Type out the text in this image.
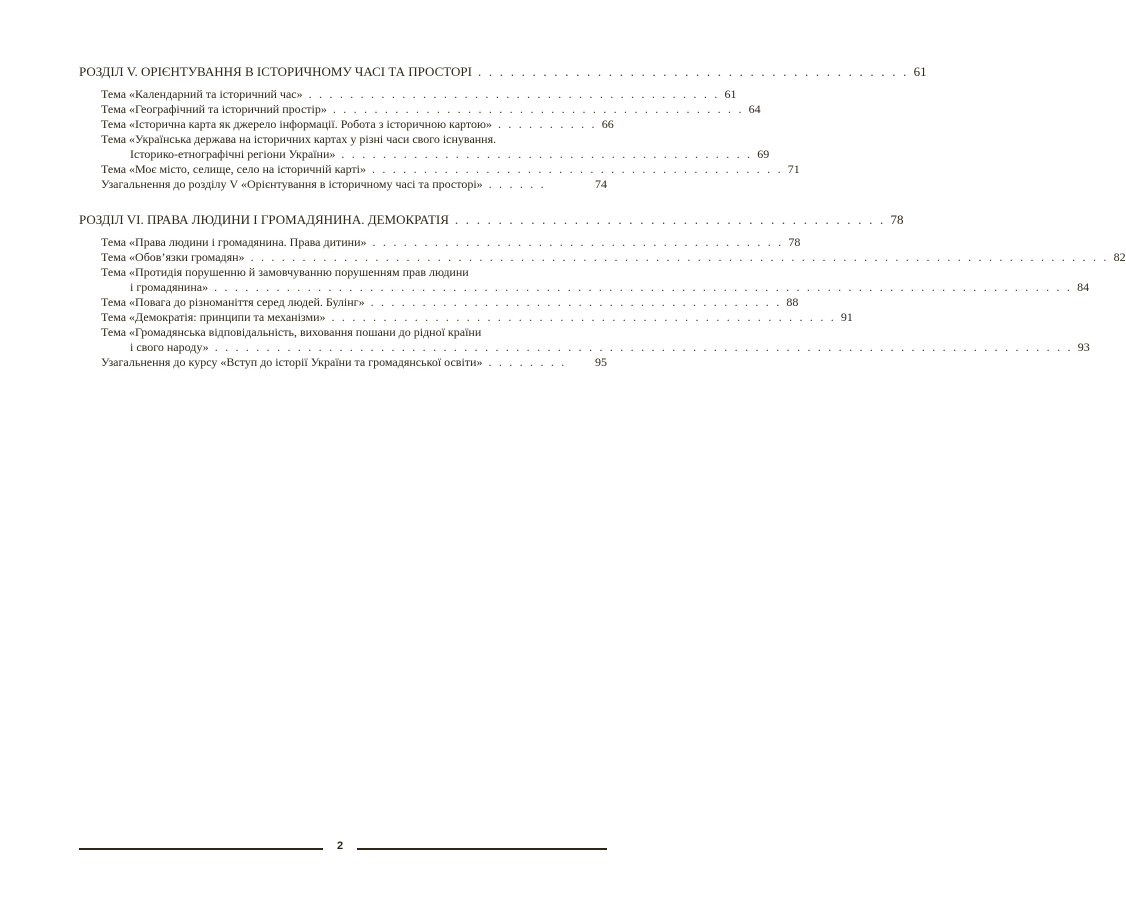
РОЗДІЛ V. ОРІЄНТУВАННЯ В ІСТОРИЧНОМУ ЧАСІ ТА ПРОСТОРІ . . . . . . . . . . . . . . . . . . . . . . . . . . . . . . . . . . . . . . . . 61
Тема «Календарний та історичний час» . . . . . . . . . . . . . . . . . . . . . . . . . . . . . . . . . . . . . . . . 61
Тема «Географічний та історичний простір» . . . . . . . . . . . . . . . . . . . . . . . . . . . . . . . . . . . . . . . . 64
Тема «Історична карта як джерело інформації. Робота з історичною картою» . . . . . . . . . . 66
Тема «Українська держава на історичних картах у різні часи свого існування.
Історико-етнографічні регіони України» . . . . . . . . . . . . . . . . . . . . . . . . . . . . . . . . . . . . . . . . 69
Тема «Моє місто, селище, село на історичній карті» . . . . . . . . . . . . . . . . . . . . . . . . . . . . . . . . . . . . . . . . 71
Узагальнення до розділу V «Орієнтування в історичному часі та просторі» . . . . . .	74
РОЗДІЛ VI. ПРАВА ЛЮДИНИ І ГРОМАДЯНИНА. ДЕМОКРАТІЯ . . . . . . . . . . . . . . . . . . . . . . . . . . . . . . . . . . . . . . . . 78
Тема «Права людини і громадянина. Права дитини» . . . . . . . . . . . . . . . . . . . . . . . . . . . . . . . . . . . . . . . . 78
Тема «Обов’язки громадян» . . . . . . . . . . . . . . . . . . . . . . . . . . . . . . . . . . . . . . . . . . . . . . . . . . . . . . . . . . . . . . . . . . . . . . . . . . . . . . . . . . . 82
Тема «Протидія порушенню й замовчуванню порушенням прав людини
і громадянина» . . . . . . . . . . . . . . . . . . . . . . . . . . . . . . . . . . . . . . . . . . . . . . . . . . . . . . . . . . . . . . . . . . . . . . . . . . . . . . . . . . . 84
Тема «Повага до різноманіття серед людей. Булінг» . . . . . . . . . . . . . . . . . . . . . . . . . . . . . . . . . . . . . . . . 88
Тема «Демократія: принципи та механізми» . . . . . . . . . . . . . . . . . . . . . . . . . . . . . . . . . . . . . . . . . . . . . . . . . 91
Тема «Громадянська відповідальність, виховання пошани до рідної країни
і свого народу» . . . . . . . . . . . . . . . . . . . . . . . . . . . . . . . . . . . . . . . . . . . . . . . . . . . . . . . . . . . . . . . . . . . . . . . . . . . . . . . . . . . 93
Узагальнення до курсу «Вступ до історії України та громадянської освіти» . . . . . . . .	95
2
